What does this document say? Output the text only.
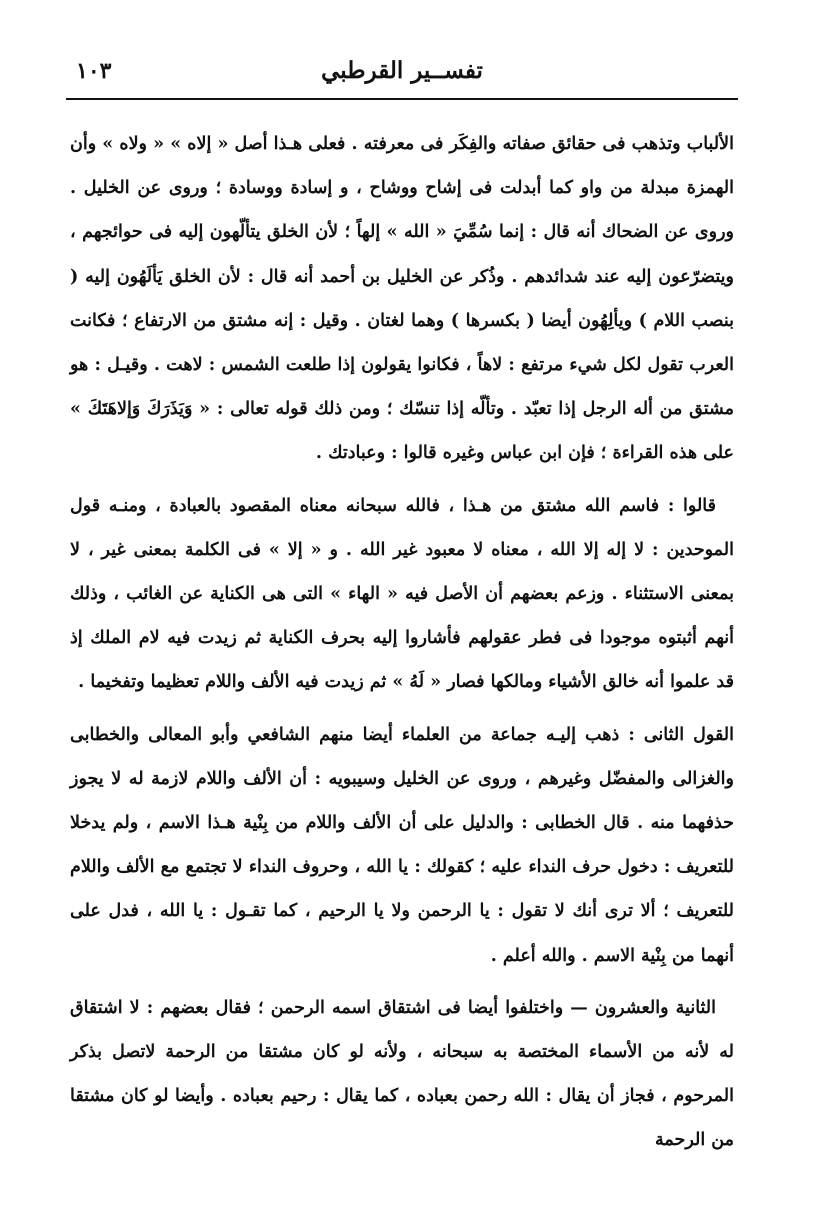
تفســير القرطبي
١٠٣

الألباب وتذهب فى حقائق صفاته والفِكَر فى معرفته . فعلى هـذا أصل « إلاه » « ولاه » وأن الهمزة مبدلة من واو كما أبدلت فى إشاح ووشاح ، و إسادة ووسادة ؛ وروى عن الخليل . وروى عن الضحاك أنه قال : إنما سُمِّيَ « الله » إلهاً ؛ لأن الخلق يتألّهون إليه فى حوائجهم ، ويتضرّعون إليه عند شدائدهم . وذُكر عن الخليل بن أحمد أنه قال : لأن الخلق يَألَهُون إليه ( بنصب اللام ) ويألِهُون أيضا ( بكسرها ) وهما لغتان . وقيل : إنه مشتق من الارتفاع ؛ فكانت العرب تقول لكل شيء مرتفع : لاهاً ، فكانوا يقولون إذا طلعت الشمس : لاهت . وقيـل : هو مشتق من أله الرجل إذا تعبّد . وتألّه إذا تنسّك ؛ ومن ذلك قوله تعالى : « وَيَذَرَكَ وَإلاهَتَكَ » على هذه القراءة ؛ فإن ابن عباس وغيره قالوا : وعبادتك .

قالوا : فاسم الله مشتق من هـذا ، فالله سبحانه معناه المقصود بالعبادة ، ومنـه قول الموحدين : لا إله إلا الله ، معناه لا معبود غير الله . و « إلا » فى الكلمة بمعنى غير ، لا بمعنى الاستثناء . وزعم بعضهم أن الأصل فيه « الهاء » التى هى الكناية عن الغائب ، وذلك أنهم أثبتوه موجودا فى فطر عقولهم فأشاروا إليه بحرف الكناية ثم زيدت فيه لام الملك إذ قد علموا أنه خالق الأشياء ومالكها فصار « لَهُ » ثم زيدت فيه الألف واللام تعظيما وتفخيما .

القول الثانى : ذهب إليـه جماعة من العلماء أيضا منهم الشافعي وأبو المعالى والخطابى والغزالى والمفضّل وغيرهم ، وروى عن الخليل وسيبويه : أن الألف واللام لازمة له لا يجوز حذفهما منه . قال الخطابى : والدليل على أن الألف واللام من بِنْية هـذا الاسم ، ولم يدخلا للتعريف : دخول حرف النداء عليه ؛ كقولك : يا الله ، وحروف النداء لا تجتمع مع الألف واللام للتعريف ؛ ألا ترى أنك لا تقول : يا الرحمن ولا يا الرحيم ، كما تقـول : يا الله ، فدل على أنهما من بِنْية الاسم . والله أعلم .

الثانية والعشرون — واختلفوا أيضا فى اشتقاق اسمه الرحمن ؛ فقال بعضهم : لا اشتقاق له لأنه من الأسماء المختصة به سبحانه ، ولأنه لو كان مشتقا من الرحمة لاتصل بذكر المرحوم ، فجاز أن يقال : الله رحمن بعباده ، كما يقال : رحيم بعباده . وأيضا لو كان مشتقا من الرحمة
